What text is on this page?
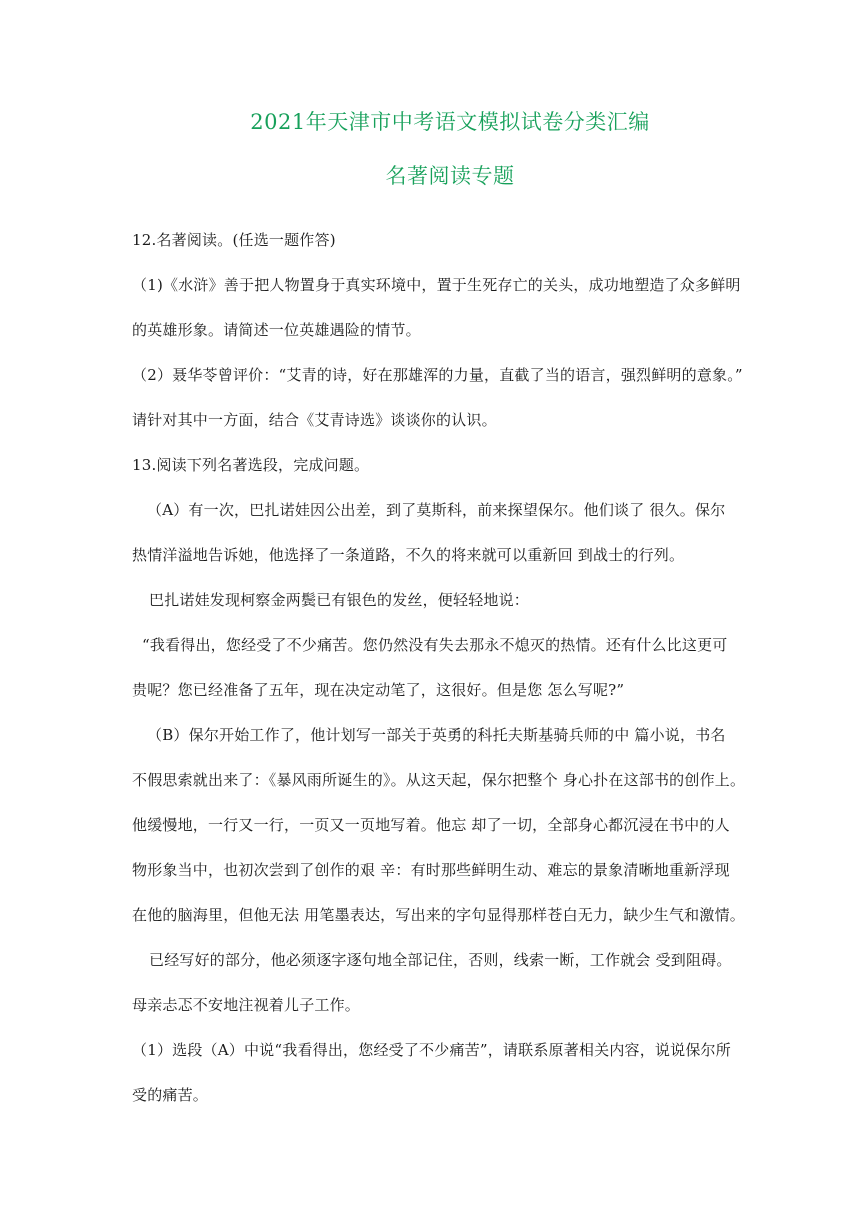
2021年天津市中考语文模拟试卷分类汇编
名著阅读专题
12.名著阅读。(任选一题作答)
（1)《水浒》善于把人物置身于真实环境中，置于生死存亡的关头，成功地塑造了众多鲜明
的英雄形象。请简述一位英雄遇险的情节。
（2）聂华苓曾评价：“艾青的诗，好在那雄浑的力量，直截了当的语言，强烈鲜明的意象。”
请针对其中一方面，结合《艾青诗选》谈谈你的认识。
13.阅读下列名著选段，完成问题。
（A）有一次，巴扎诺娃因公出差，到了莫斯科，前来探望保尔。他们谈了 很久。保尔
热情洋溢地告诉她，他选择了一条道路，不久的将来就可以重新回 到战士的行列。
巴扎诺娃发现柯察金两鬓已有银色的发丝，便轻轻地说：
“我看得出，您经受了不少痛苦。您仍然没有失去那永不熄灭的热情。还有什么比这更可
贵呢？您已经准备了五年，现在决定动笔了，这很好。但是您 怎么写呢?”
（B）保尔开始工作了，他计划写一部关于英勇的科托夫斯基骑兵师的中 篇小说，书名
不假思索就出来了：《暴风雨所诞生的》。从这天起，保尔把整个 身心扑在这部书的创作上。
他缓慢地，一行又一行，一页又一页地写着。他忘 却了一切，全部身心都沉浸在书中的人
物形象当中，也初次尝到了创作的艰 辛：有时那些鲜明生动、难忘的景象清晰地重新浮现
在他的脑海里，但他无法 用笔墨表达，写出来的字句显得那样苍白无力，缺少生气和激情。
已经写好的部分，他必须逐字逐句地全部记住，否则，线索一断，工作就会 受到阻碍。
母亲忐忑不安地注视着儿子工作。
（1）选段（A）中说“我看得出，您经受了不少痛苦”，请联系原著相关内容，说说保尔所
受的痛苦。
